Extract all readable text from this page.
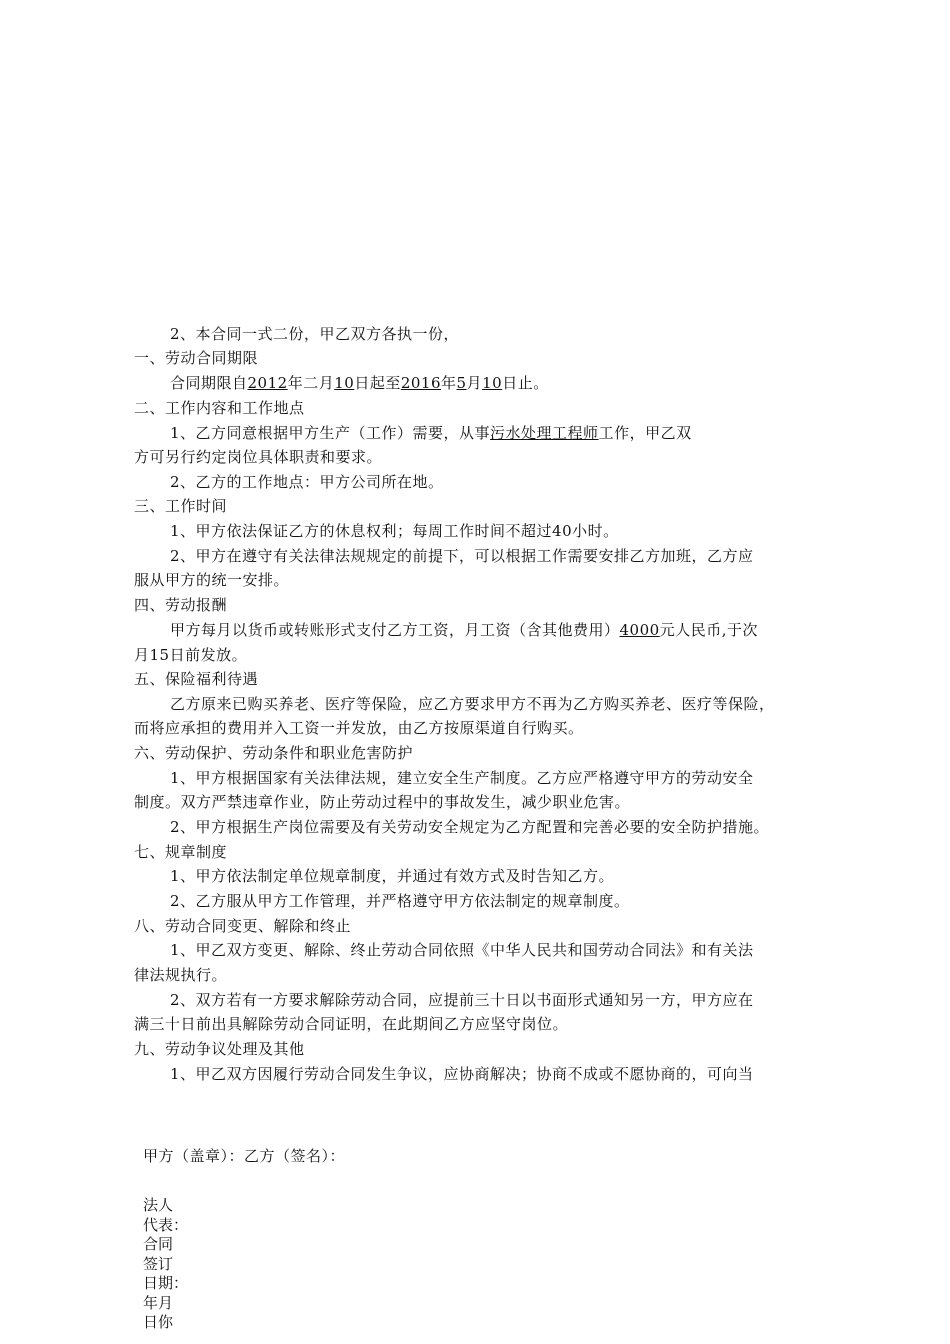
2、本合同一式二份，甲乙双方各执一份，
一、劳动合同期限
合同期限自2012年二月10日起至2016年5月10日止。
二、工作内容和工作地点
1、乙方同意根据甲方生产（工作）需要，从事污水处理工程师工作，甲乙双
方可另行约定岗位具体职责和要求。
2、乙方的工作地点：甲方公司所在地。
三、工作时间
1、甲方依法保证乙方的休息权利；每周工作时间不超过40小时。
2、甲方在遵守有关法律法规规定的前提下，可以根据工作需要安排乙方加班，乙方应
服从甲方的统一安排。
四、劳动报酬
甲方每月以货币或转账形式支付乙方工资，月工资（含其他费用）4000元人民币,于次
月15日前发放。
五、保险福利待遇
乙方原来已购买养老、医疗等保险，应乙方要求甲方不再为乙方购买养老、医疗等保险，
而将应承担的费用并入工资一并发放，由乙方按原渠道自行购买。
六、劳动保护、劳动条件和职业危害防护
1、甲方根据国家有关法律法规，建立安全生产制度。乙方应严格遵守甲方的劳动安全
制度。双方严禁违章作业，防止劳动过程中的事故发生，减少职业危害。
2、甲方根据生产岗位需要及有关劳动安全规定为乙方配置和完善必要的安全防护措施。
七、规章制度
1、甲方依法制定单位规章制度，并通过有效方式及时告知乙方。
2、乙方服从甲方工作管理，并严格遵守甲方依法制定的规章制度。
八、劳动合同变更、解除和终止
1、甲乙双方变更、解除、终止劳动合同依照《中华人民共和国劳动合同法》和有关法
律法规执行。
2、双方若有一方要求解除劳动合同，应提前三十日以书面形式通知另一方，甲方应在
满三十日前出具解除劳动合同证明，在此期间乙方应坚守岗位。
九、劳动争议处理及其他
1、甲乙双方因履行劳动合同发生争议，应协商解决；协商不成或不愿协商的，可向当
甲方（盖章）：乙方（签名）：
法人
代表：
合同
签订
日期：
年月
日你
